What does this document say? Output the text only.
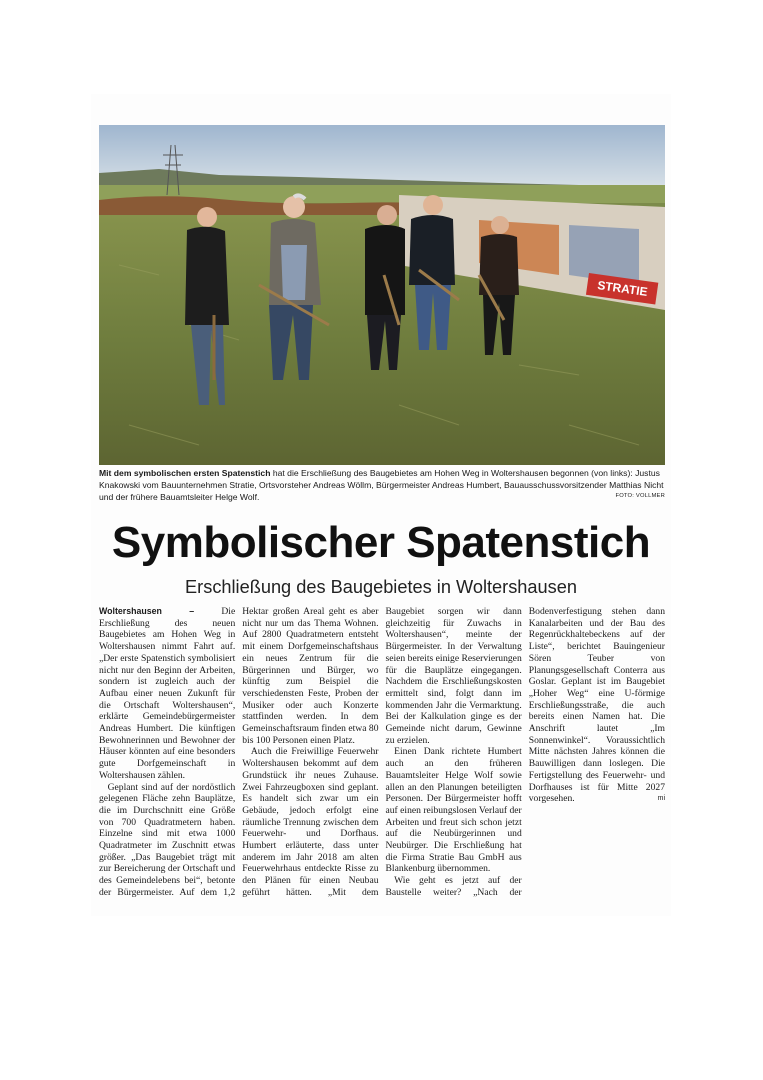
STRATIE
Mit dem symbolischen ersten Spatenstich hat die Erschließung des Baugebietes am Hohen Weg in Woltershausen begonnen (von links): Justus Knakowski vom Bauunternehmen Stratie, Ortsvorsteher Andreas Wöllm, Bürgermeister Andreas Humbert, Bauausschussvorsitzender Matthias Nicht und der frühere Bauamtsleiter Helge Wolf.	FOTO: VOLLMER
Symbolischer Spatenstich
Erschließung des Baugebietes in Woltershausen

Woltershausen – Die Erschließung des neuen Baugebietes am Hohen Weg in Woltershausen nimmt Fahrt auf. „Der erste Spatenstich symbolisiert nicht nur den Beginn der Arbeiten, sondern ist zugleich auch der Aufbau einer neuen Zukunft für die Ortschaft Woltershausen“, erklärte Gemeindebürgermeister Andreas Humbert. Die künftigen Bewohnerinnen und Bewohner der Häuser könnten auf eine besonders gute Dorfgemeinschaft in Woltershausen zählen.

Geplant sind auf der nordöstlich gelegenen Fläche zehn Bauplätze, die im Durchschnitt eine Größe von 700 Quadratmetern haben. Einzelne sind mit etwa 1000 Quadratmeter im Zuschnitt etwas größer. „Das Baugebiet trägt mit zur Bereicherung der Ortschaft und des Gemeindelebens bei“, betonte der Bürgermeister. Auf dem 1,2 Hektar großen Areal geht es aber nicht nur um das Thema Wohnen. Auf 2800 Quadratmetern entsteht mit einem Dorfgemeinschaftshaus ein neues Zentrum für die Bürgerinnen und Bürger, wo künftig zum Beispiel die verschiedensten Feste, Proben der Musiker oder auch Konzerte stattfinden werden. In dem Gemeinschaftsraum finden etwa 80 bis 100 Personen einen Platz.

Auch die Freiwillige Feuerwehr Woltershausen bekommt auf dem Grundstück ihr neues Zuhause. Zwei Fahrzeugboxen sind geplant. Es handelt sich zwar um ein Gebäude, jedoch erfolgt eine räumliche Trennung zwischen dem Feuerwehr- und Dorfhaus. Humbert erläuterte, dass unter anderem im Jahr 2018 am alten Feuerwehrhaus entdeckte Risse zu den Plänen für einen Neubau geführt hätten. „Mit dem Baugebiet sorgen wir dann gleichzeitig für Zuwachs in Woltershausen“, meinte der Bürgermeister. In der Verwaltung seien bereits einige Reservierungen für die Bauplätze eingegangen. Nachdem die Erschließungskosten ermittelt sind, folgt dann im kommenden Jahr die Vermarktung. Bei der Kalkulation ginge es der Gemeinde nicht darum, Gewinne zu erzielen.

Einen Dank richtete Humbert auch an den früheren Bauamtsleiter Helge Wolf sowie allen an den Planungen beteiligten Personen. Der Bürgermeister hofft auf einen reibungslosen Verlauf der Arbeiten und freut sich schon jetzt auf die Neubürgerinnen und Neubürger. Die Erschließung hat die Firma Stratie Bau GmbH aus Blankenburg übernommen.

Wie geht es jetzt auf der Baustelle weiter? „Nach der Bodenverfestigung stehen dann Kanalarbeiten und der Bau des Regenrückhaltebeckens auf der Liste“, berichtet Bauingenieur Sören Teuber von Planungsgesellschaft Conterra aus Goslar. Geplant ist im Baugebiet „Hoher Weg“ eine U-förmige Erschließungsstraße, die auch bereits einen Namen hat. Die Anschrift lautet „Im Sonnenwinkel“. Voraussichtlich Mitte nächsten Jahres können die Bauwilligen dann loslegen. Die Fertigstellung des Feuerwehr- und Dorfhauses ist für Mitte 2027 vorgesehen.	mi
